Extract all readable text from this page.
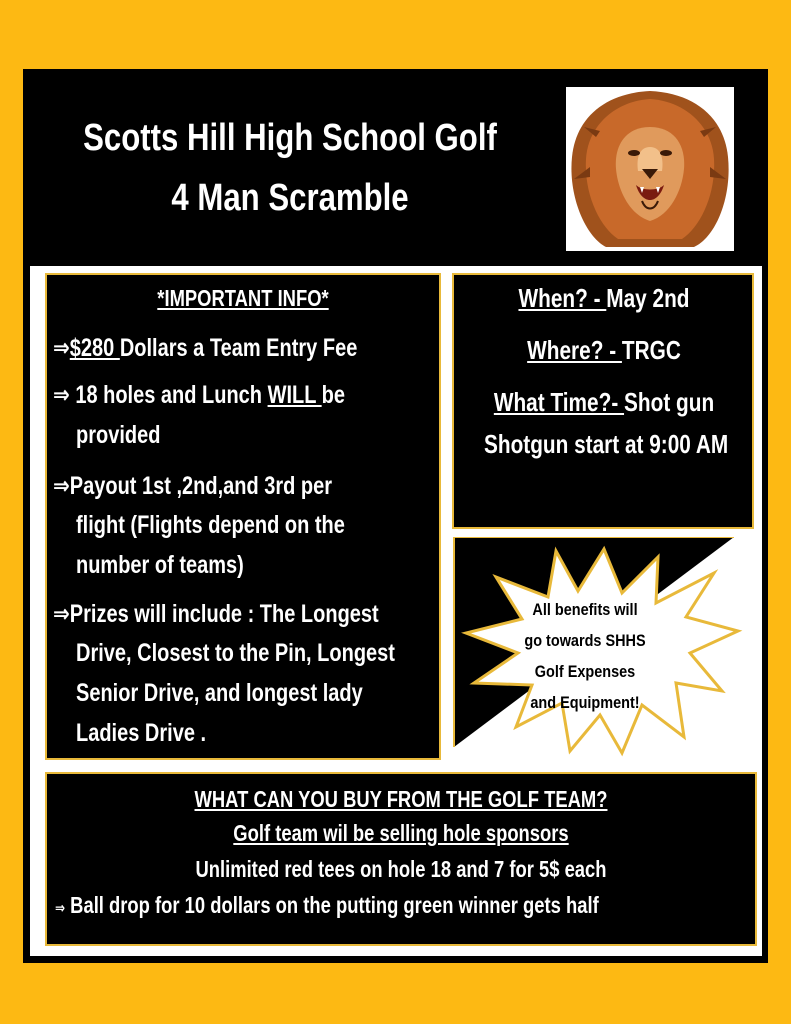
Scotts Hill High School Golf
4 Man Scramble
*IMPORTANT INFO*
⇒$280 Dollars a Team Entry Fee
⇒ 18 holes and Lunch WILL be
provided
⇒Payout 1st ,2nd,and 3rd per
flight (Flights depend on the
number of teams)
⇒Prizes will include : The Longest
Drive, Closest to the Pin, Longest
Senior Drive, and longest lady
Ladies Drive .
When? - May 2nd
Where? - TRGC
What Time?- Shot gun
Shotgun start at 9:00 AM
All benefits will
go towards SHHS
Golf Expenses
and Equipment!
WHAT CAN YOU BUY FROM THE GOLF TEAM?
Golf team wil be selling hole sponsors
Unlimited red tees on hole 18 and 7 for 5$ each
⇒ Ball drop for 10 dollars on the putting green winner gets half
